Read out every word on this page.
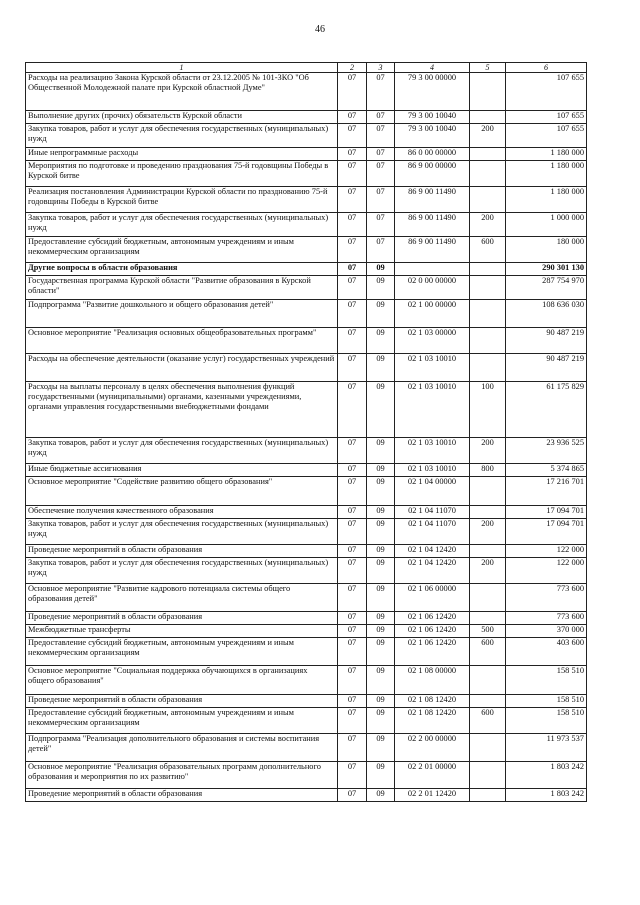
46
1	2	3	4	5	6
Расходы на реализацию Закона Курской области от 23.12.2005 № 101-ЗКО "Об Общественной Молодежной палате при Курской областной Думе"	07	07	79 3 00 00000		107 655
Выполнение других (прочих) обязательств Курской области	07	07	79 3 00 10040		107 655
Закупка товаров, работ и услуг для обеспечения государственных (муниципальных) нужд	07	07	79 3 00 10040	200	107 655
Иные непрограммные расходы	07	07	86 0 00 00000		1 180 000
Мероприятия по подготовке и проведению празднования 75-й годовщины Победы в Курской битве	07	07	86 9 00 00000		1 180 000
Реализация постановления Администрации Курской области по празднованию 75-й годовщины Победы в Курской битве	07	07	86 9 00 11490		1 180 000
Закупка товаров, работ и услуг для обеспечения государственных (муниципальных) нужд	07	07	86 9 00 11490	200	1 000 000
Предоставление субсидий бюджетным, автономным учреждениям и иным некоммерческим организациям	07	07	86 9 00 11490	600	180 000
Другие вопросы в области образования	07	09			290 301 130
Государственная программа Курской области "Развитие образования в Курской области"	07	09	02 0 00 00000		287 754 970
Подпрограмма "Развитие дошкольного и общего образования детей"	07	09	02 1 00 00000		108 636 030
Основное мероприятие "Реализация основных общеобразовательных программ"	07	09	02 1 03 00000		90 487 219
Расходы на обеспечение деятельности (оказание услуг) государственных учреждений	07	09	02 1 03 10010		90 487 219
Расходы на выплаты персоналу в целях обеспечения выполнения функций государственными (муниципальными) органами, казенными учреждениями, органами управления государственными внебюджетными фондами	07	09	02 1 03 10010	100	61 175 829
Закупка товаров, работ и услуг для обеспечения государственных (муниципальных) нужд	07	09	02 1 03 10010	200	23 936 525
Иные бюджетные ассигнования	07	09	02 1 03 10010	800	5 374 865
Основное мероприятие "Содействие развитию общего образования"	07	09	02 1 04 00000		17 216 701
Обеспечение получения качественного образования	07	09	02 1 04 11070		17 094 701
Закупка товаров, работ и услуг для обеспечения государственных (муниципальных) нужд	07	09	02 1 04 11070	200	17 094 701
Проведение мероприятий в области образования	07	09	02 1 04 12420		122 000
Закупка товаров, работ и услуг для обеспечения государственных (муниципальных) нужд	07	09	02 1 04 12420	200	122 000
Основное мероприятие "Развитие кадрового потенциала системы общего образования детей"	07	09	02 1 06 00000		773 600
Проведение мероприятий в области образования	07	09	02 1 06 12420		773 600
Межбюджетные трансферты	07	09	02 1 06 12420	500	370 000
Предоставление субсидий бюджетным, автономным учреждениям и иным некоммерческим организациям	07	09	02 1 06 12420	600	403 600
Основное мероприятие "Социальная поддержка обучающихся в организациях общего образования"	07	09	02 1 08 00000		158 510
Проведение мероприятий в области образования	07	09	02 1 08 12420		158 510
Предоставление субсидий бюджетным, автономным учреждениям и иным некоммерческим организациям	07	09	02 1 08 12420	600	158 510
Подпрограмма "Реализация дополнительного образования и системы воспитания детей"	07	09	02 2 00 00000		11 973 537
Основное мероприятие "Реализация образовательных программ дополнительного образования и мероприятия по их развитию"	07	09	02 2 01 00000		1 803 242
Проведение мероприятий в области образования	07	09	02 2 01 12420		1 803 242
